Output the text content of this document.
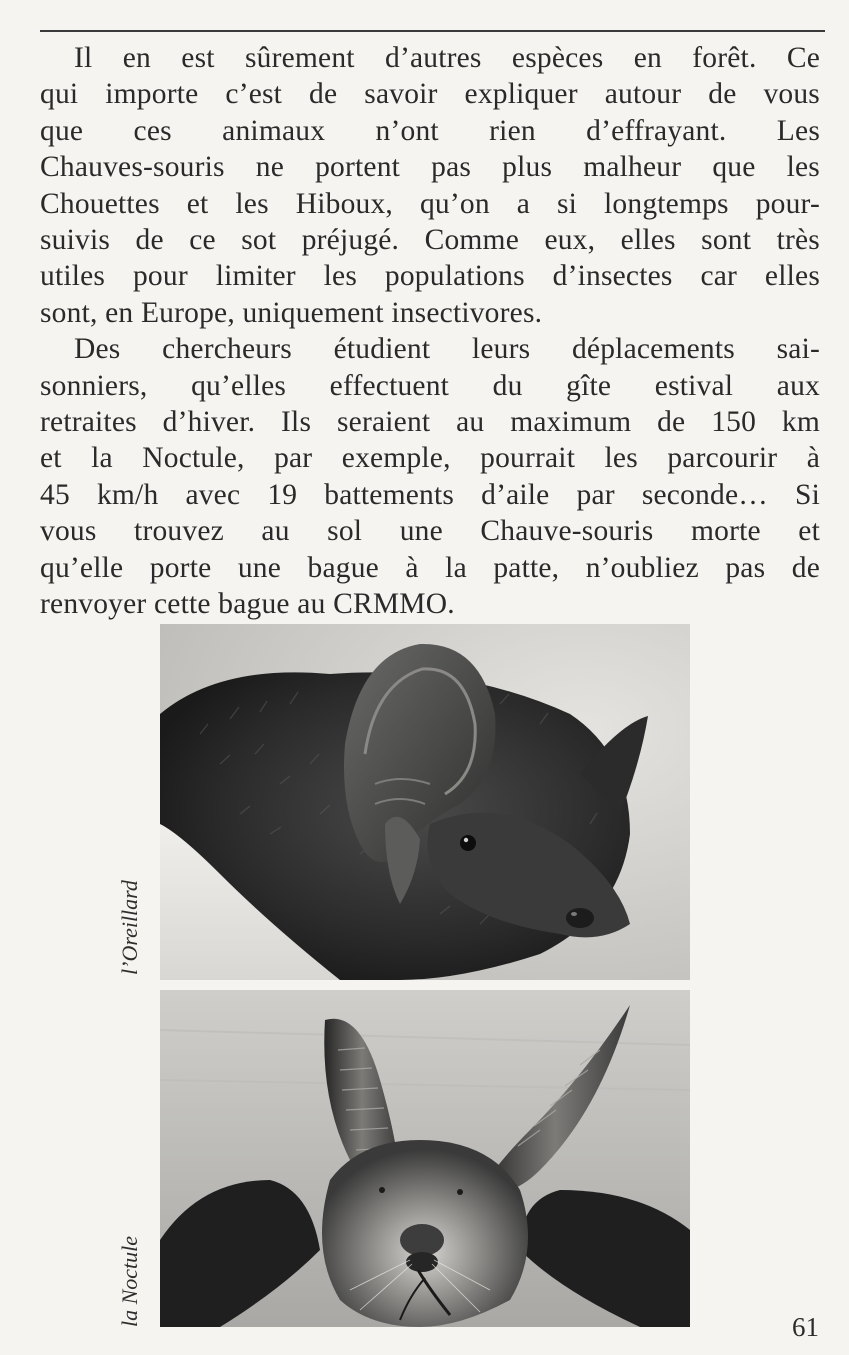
Il en est sûrement d’autres espèces en forêt. Ce
qui importe c’est de savoir expliquer autour de vous
que ces animaux n’ont rien d’effrayant. Les
Chauves-souris ne portent pas plus malheur que les
Chouettes et les Hiboux, qu’on a si longtemps pour-
suivis de ce sot préjugé. Comme eux, elles sont très
utiles pour limiter les populations d’insectes car elles
sont, en Europe, uniquement insectivores.

Des chercheurs étudient leurs déplacements sai-
sonniers, qu’elles effectuent du gîte estival aux
retraites d’hiver. Ils seraient au maximum de 150 km
et la Noctule, par exemple, pourrait les parcourir à
45 km/h avec 19 battements d’aile par seconde… Si
vous trouvez au sol une Chauve-souris morte et
qu’elle porte une bague à la patte, n’oubliez pas de
renvoyer cette bague au CRMMO.

l’Oreillard
la Noctule	61
